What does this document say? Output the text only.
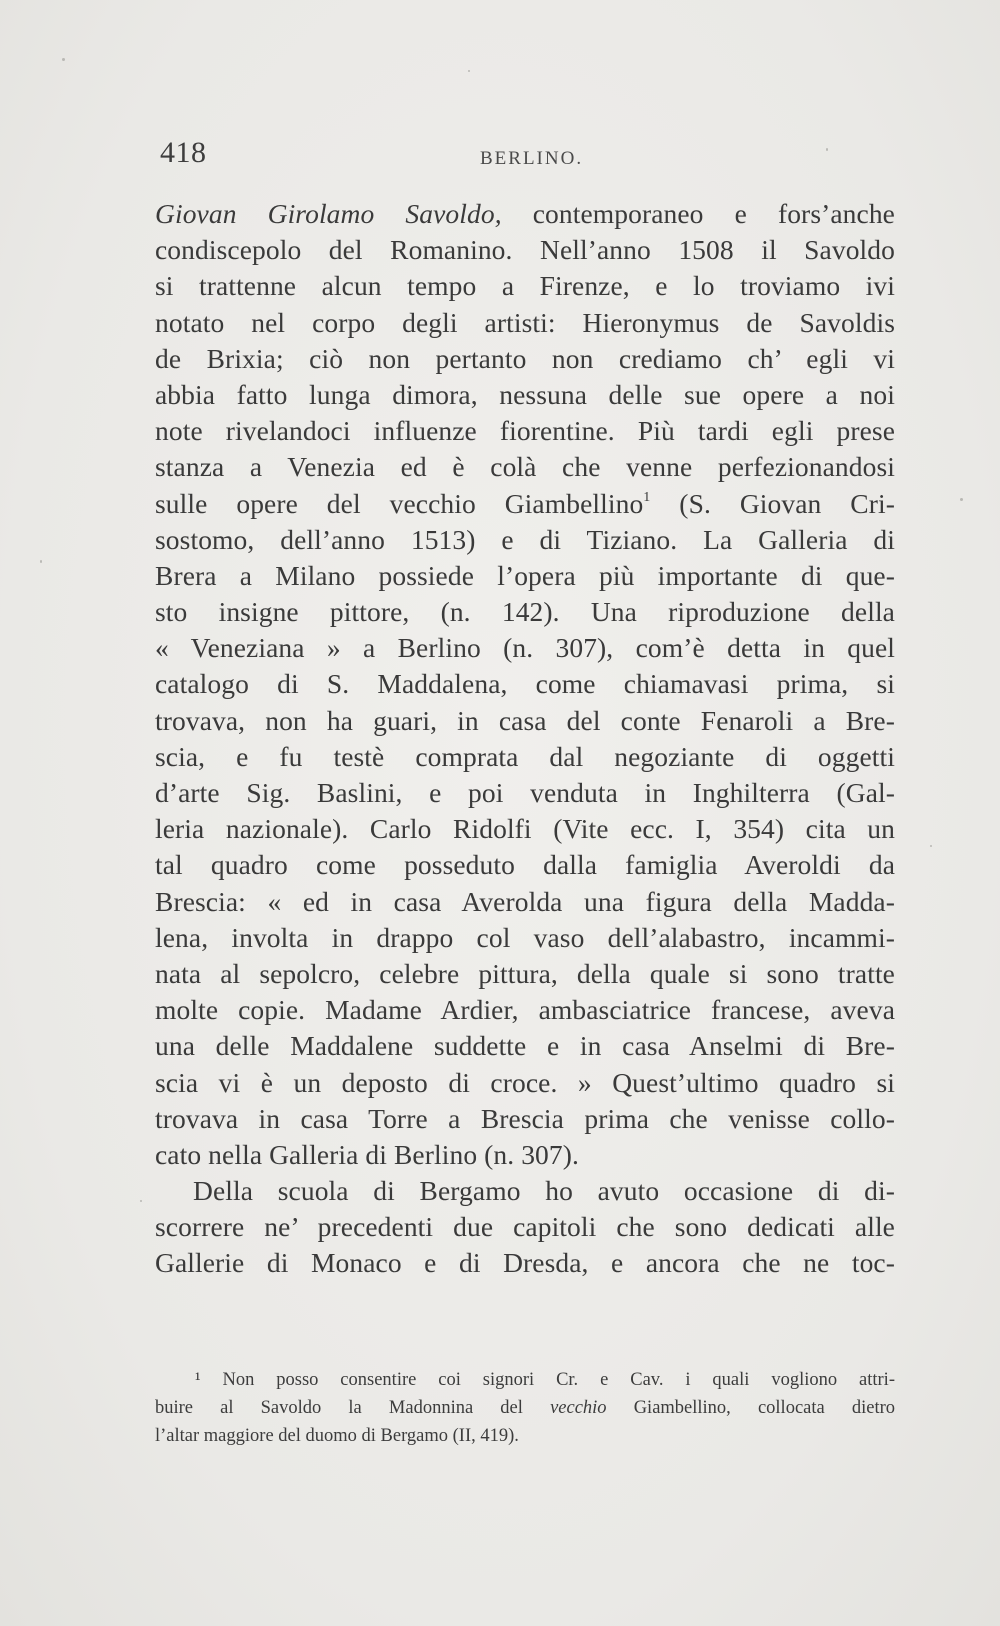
418	BERLINO.
Giovan Girolamo Savoldo, contemporaneo e fors’anche
condiscepolo del Romanino. Nell’anno 1508 il Savoldo
si trattenne alcun tempo a Firenze, e lo troviamo ivi
notato nel corpo degli artisti: Hieronymus de Savoldis
de Brixia; ciò non pertanto non crediamo ch’ egli vi
abbia fatto lunga dimora, nessuna delle sue opere a noi
note rivelandoci influenze fiorentine. Più tardi egli prese
stanza a Venezia ed è colà che venne perfezionandosi
sulle opere del vecchio Giambellino$^1$ (S. Giovan Cri-
sostomo, dell’anno 1513) e di Tiziano. La Galleria di
Brera a Milano possiede l’opera più importante di que-
sto insigne pittore, (n. 142). Una riproduzione della
« Veneziana » a Berlino (n. 307), com’è detta in quel
catalogo di S. Maddalena, come chiamavasi prima, si
trovava, non ha guari, in casa del conte Fenaroli a Bre-
scia, e fu testè comprata dal negoziante di oggetti
d’arte Sig. Baslini, e poi venduta in Inghilterra (Gal-
leria nazionale). Carlo Ridolfi (Vite ecc. I, 354) cita un
tal quadro come posseduto dalla famiglia Averoldi da
Brescia: « ed in casa Averolda una figura della Madda-
lena, involta in drappo col vaso dell’alabastro, incammi-
nata al sepolcro, celebre pittura, della quale si sono tratte
molte copie. Madame Ardier, ambasciatrice francese, aveva
una delle Maddalene suddette e in casa Anselmi di Bre-
scia vi è un deposto di croce. » Quest’ultimo quadro si
trovava in casa Torre a Brescia prima che venisse collo-
cato nella Galleria di Berlino (n. 307).
Della scuola di Bergamo ho avuto occasione di di-
scorrere ne’ precedenti due capitoli che sono dedicati alle
Gallerie di Monaco e di Dresda, e ancora che ne toc-
¹ Non posso consentire coi signori Cr. e Cav. i quali vogliono attri-
buire al Savoldo la Madonnina del vecchio Giambellino, collocata dietro
l’altar maggiore del duomo di Bergamo (II, 419).
